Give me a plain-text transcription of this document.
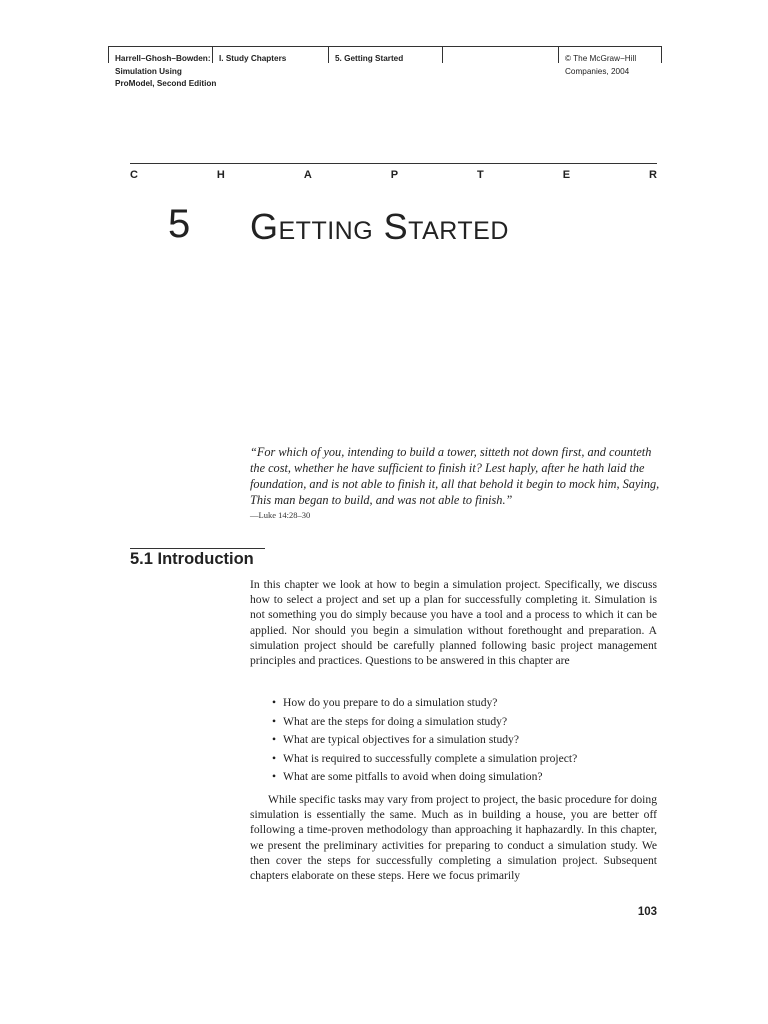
Harrell–Ghosh–Bowden:
Simulation Using
ProModel, Second Edition
I. Study Chapters	5. Getting Started	© The McGraw−Hill
Companies, 2004
C	H	A	P	T	E	R
5 Getting Started
“For which of you, intending to build a tower, sitteth not down first, and counteth the cost, whether he have sufficient to finish it? Lest haply, after he hath laid the foundation, and is not able to finish it, all that behold it begin to mock him, Saying, This man began to build, and was not able to finish.”
—Luke 14:28–30
5.1 Introduction
In this chapter we look at how to begin a simulation project. Specifically, we discuss how to select a project and set up a plan for successfully completing it. Simulation is not something you do simply because you have a tool and a process to which it can be applied. Nor should you begin a simulation without forethought and preparation. A simulation project should be carefully planned following basic project management principles and practices. Questions to be answered in this chapter are
• How do you prepare to do a simulation study?
• What are the steps for doing a simulation study?
• What are typical objectives for a simulation study?
• What is required to successfully complete a simulation project?
• What are some pitfalls to avoid when doing simulation?
While specific tasks may vary from project to project, the basic procedure for doing simulation is essentially the same. Much as in building a house, you are better off following a time-proven methodology than approaching it haphazardly. In this chapter, we present the preliminary activities for preparing to conduct a simulation study. We then cover the steps for successfully completing a simulation project. Subsequent chapters elaborate on these steps. Here we focus primarily
103
